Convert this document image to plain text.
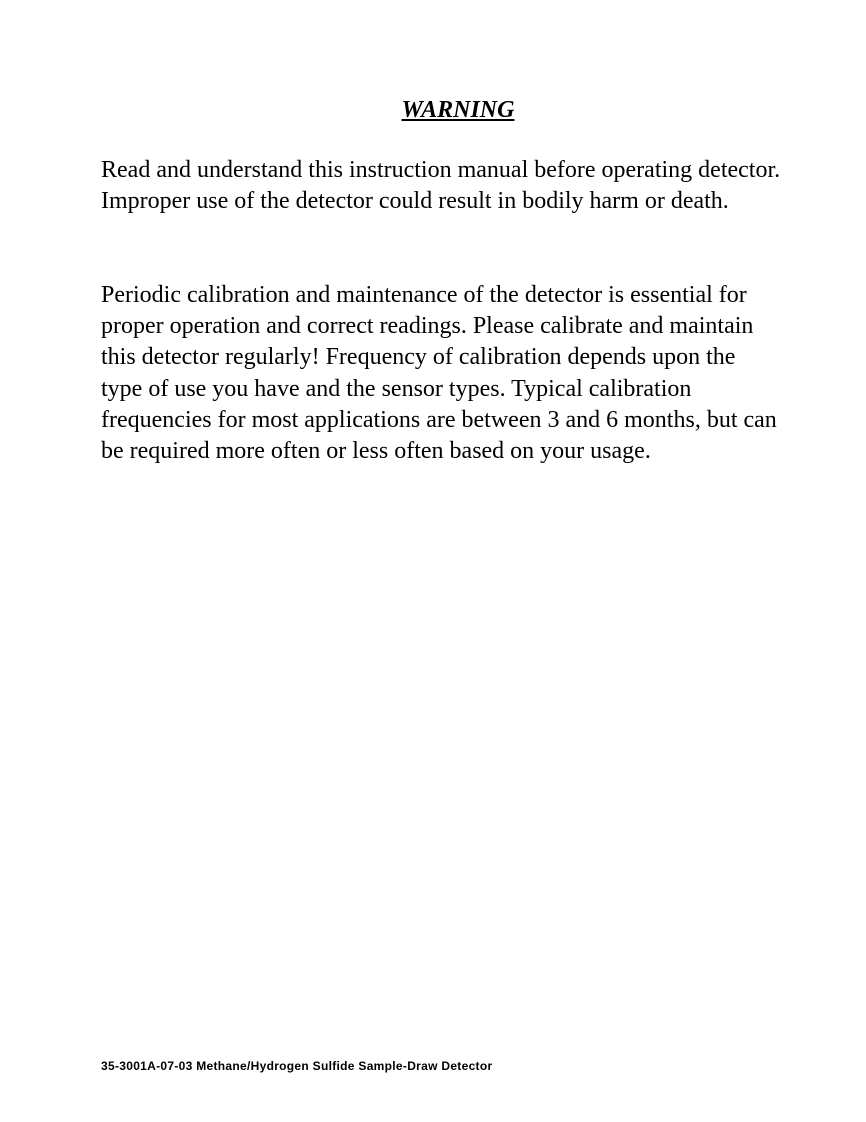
WARNING

Read and understand this instruction manual before operating detector. Improper use of the detector could result in bodily harm or death.

Periodic calibration and maintenance of the detector is essential for proper operation and correct readings. Please calibrate and maintain this detector regularly! Frequency of calibration depends upon the type of use you have and the sensor types. Typical calibration frequencies for most applications are between 3 and 6 months, but can be required more often or less often based on your usage.

35-3001A-07-03 Methane/Hydrogen Sulfide Sample-Draw Detector
